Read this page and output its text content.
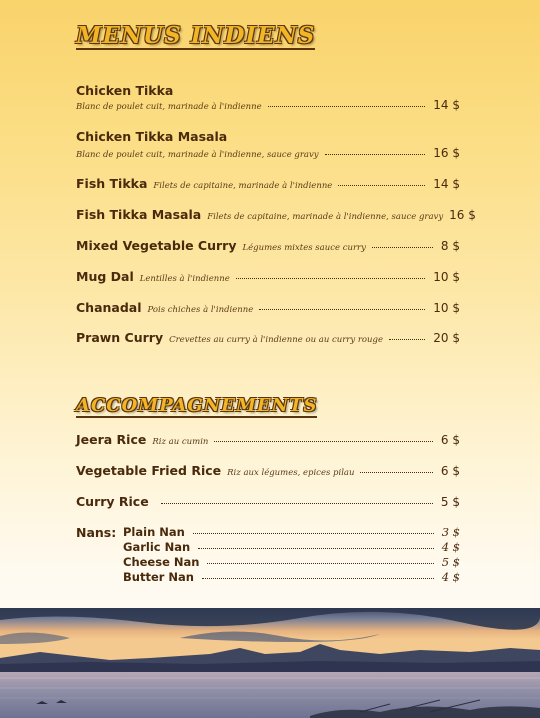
MENUS INDIENS
Chicken Tikka
Blanc de poulet cuit, marinade à l'indienne	14 $
Chicken Tikka Masala
Blanc de poulet cuit, marinade à l'indienne, sauce gravy	16 $
Fish Tikka Filets de capitaine, marinade à l'indienne	14 $
Fish Tikka Masala Filets de capitaine, marinade à l'indienne, sauce gravy 16 $
Mixed Vegetable Curry Légumes mixtes sauce curry	8 $
Mug Dal Lentilles à l'indienne	10 $
Chanadal Pois chiches à l'indienne	10 $
Prawn Curry Crevettes au curry à l'indienne ou au curry rouge	20 $
ACCOMPAGNEMENTS
Jeera Rice Riz au cumin	6 $
Vegetable Fried Rice Riz aux légumes, epices pilau	6 $
Curry Rice	5 $
Nans: Plain Nan	3 $
Garlic Nan	4 $
Cheese Nan	5 $
Butter Nan	4 $
